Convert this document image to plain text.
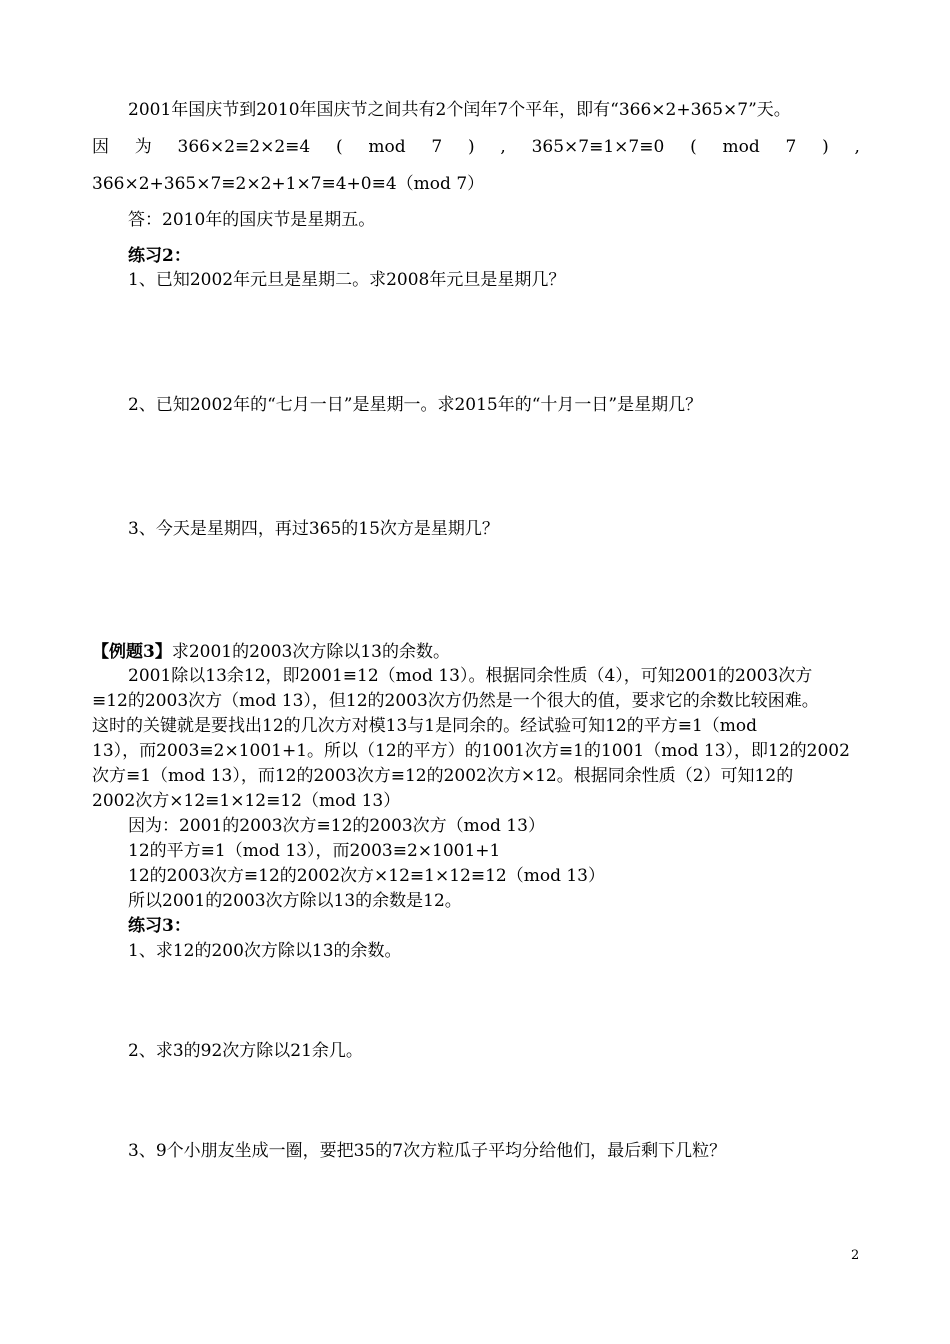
2001年国庆节到2010年国庆节之间共有2个闰年7个平年，即有“366×2+365×7”天。
因 为 366×2≡2×2≡4 ( mod 7 ) , 365×7≡1×7≡0 ( mod 7 ) ,
366×2+365×7≡2×2+1×7≡4+0≡4（mod 7）
答：2010年的国庆节是星期五。
练习2：
1、已知2002年元旦是星期二。求2008年元旦是星期几？
2、已知2002年的“七月一日”是星期一。求2015年的“十月一日”是星期几？
3、今天是星期四，再过365的15次方是星期几？
【例题3】求2001的2003次方除以13的余数。
2001除以13余12，即2001≡12（mod 13）。根据同余性质（4），可知2001的2003次方
≡12的2003次方（mod 13），但12的2003次方仍然是一个很大的值，要求它的余数比较困难。
这时的关键就是要找出12的几次方对模13与1是同余的。经试验可知12的平方≡1（mod
13），而2003≡2×1001+1。所以（12的平方）的1001次方≡1的1001（mod 13），即12的2002
次方≡1（mod 13），而12的2003次方≡12的2002次方×12。根据同余性质（2）可知12的
2002次方×12≡1×12≡12（mod 13）
因为：2001的2003次方≡12的2003次方（mod 13）
12的平方≡1（mod 13），而2003≡2×1001+1
12的2003次方≡12的2002次方×12≡1×12≡12（mod 13）
所以2001的2003次方除以13的余数是12。
练习3：
1、求12的200次方除以13的余数。
2、求3的92次方除以21余几。
3、9个小朋友坐成一圈，要把35的7次方粒瓜子平均分给他们，最后剩下几粒？
2
